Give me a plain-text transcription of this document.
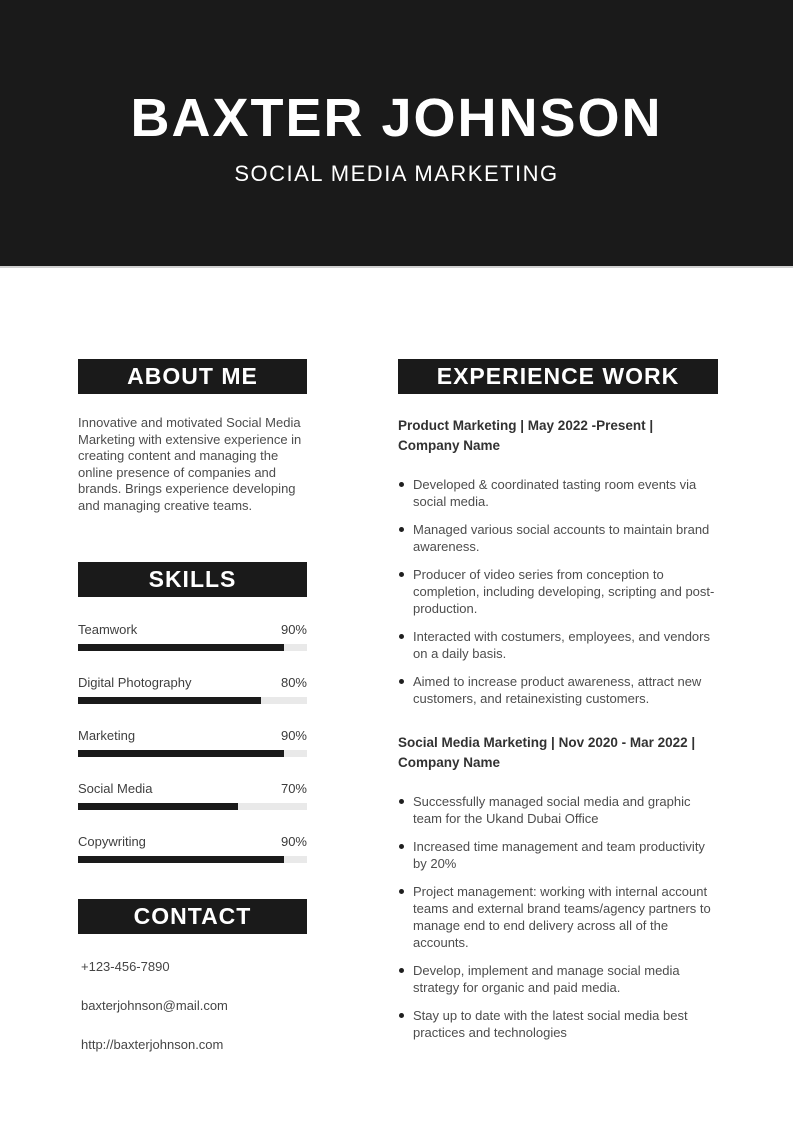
BAXTER JOHNSON
SOCIAL MEDIA MARKETING
ABOUT ME
Innovative and motivated Social Media Marketing with extensive experience in creating content and managing the online presence of companies and brands. Brings experience developing and managing creative teams.
SKILLS
Teamwork	90%
Digital Photography	80%
Marketing	90%
Social Media	70%
Copywriting	90%
CONTACT
+123-456-7890
baxterjohnson@mail.com
http://baxterjohnson.com
EXPERIENCE WORK
Product Marketing | May 2022 -Present |
Company Name
Developed & coordinated tasting room events via social media.
Managed various social accounts to maintain brand awareness.
Producer of video series from conception to completion, including developing, scripting and post-production.
Interacted with costumers, employees, and vendors on a daily basis.
Aimed to increase product awareness, attract new customers, and retainexisting customers.
Social Media Marketing | Nov 2020 - Mar 2022 |
Company Name
Successfully managed social media and graphic team for the Ukand Dubai Office
Increased time management and team productivity by 20%
Project management: working with internal account teams and external brand teams/agency partners to manage end to end delivery across all of the accounts.
Develop, implement and manage social media strategy for organic and paid media.
Stay up to date with the latest social media best practices and technologies
